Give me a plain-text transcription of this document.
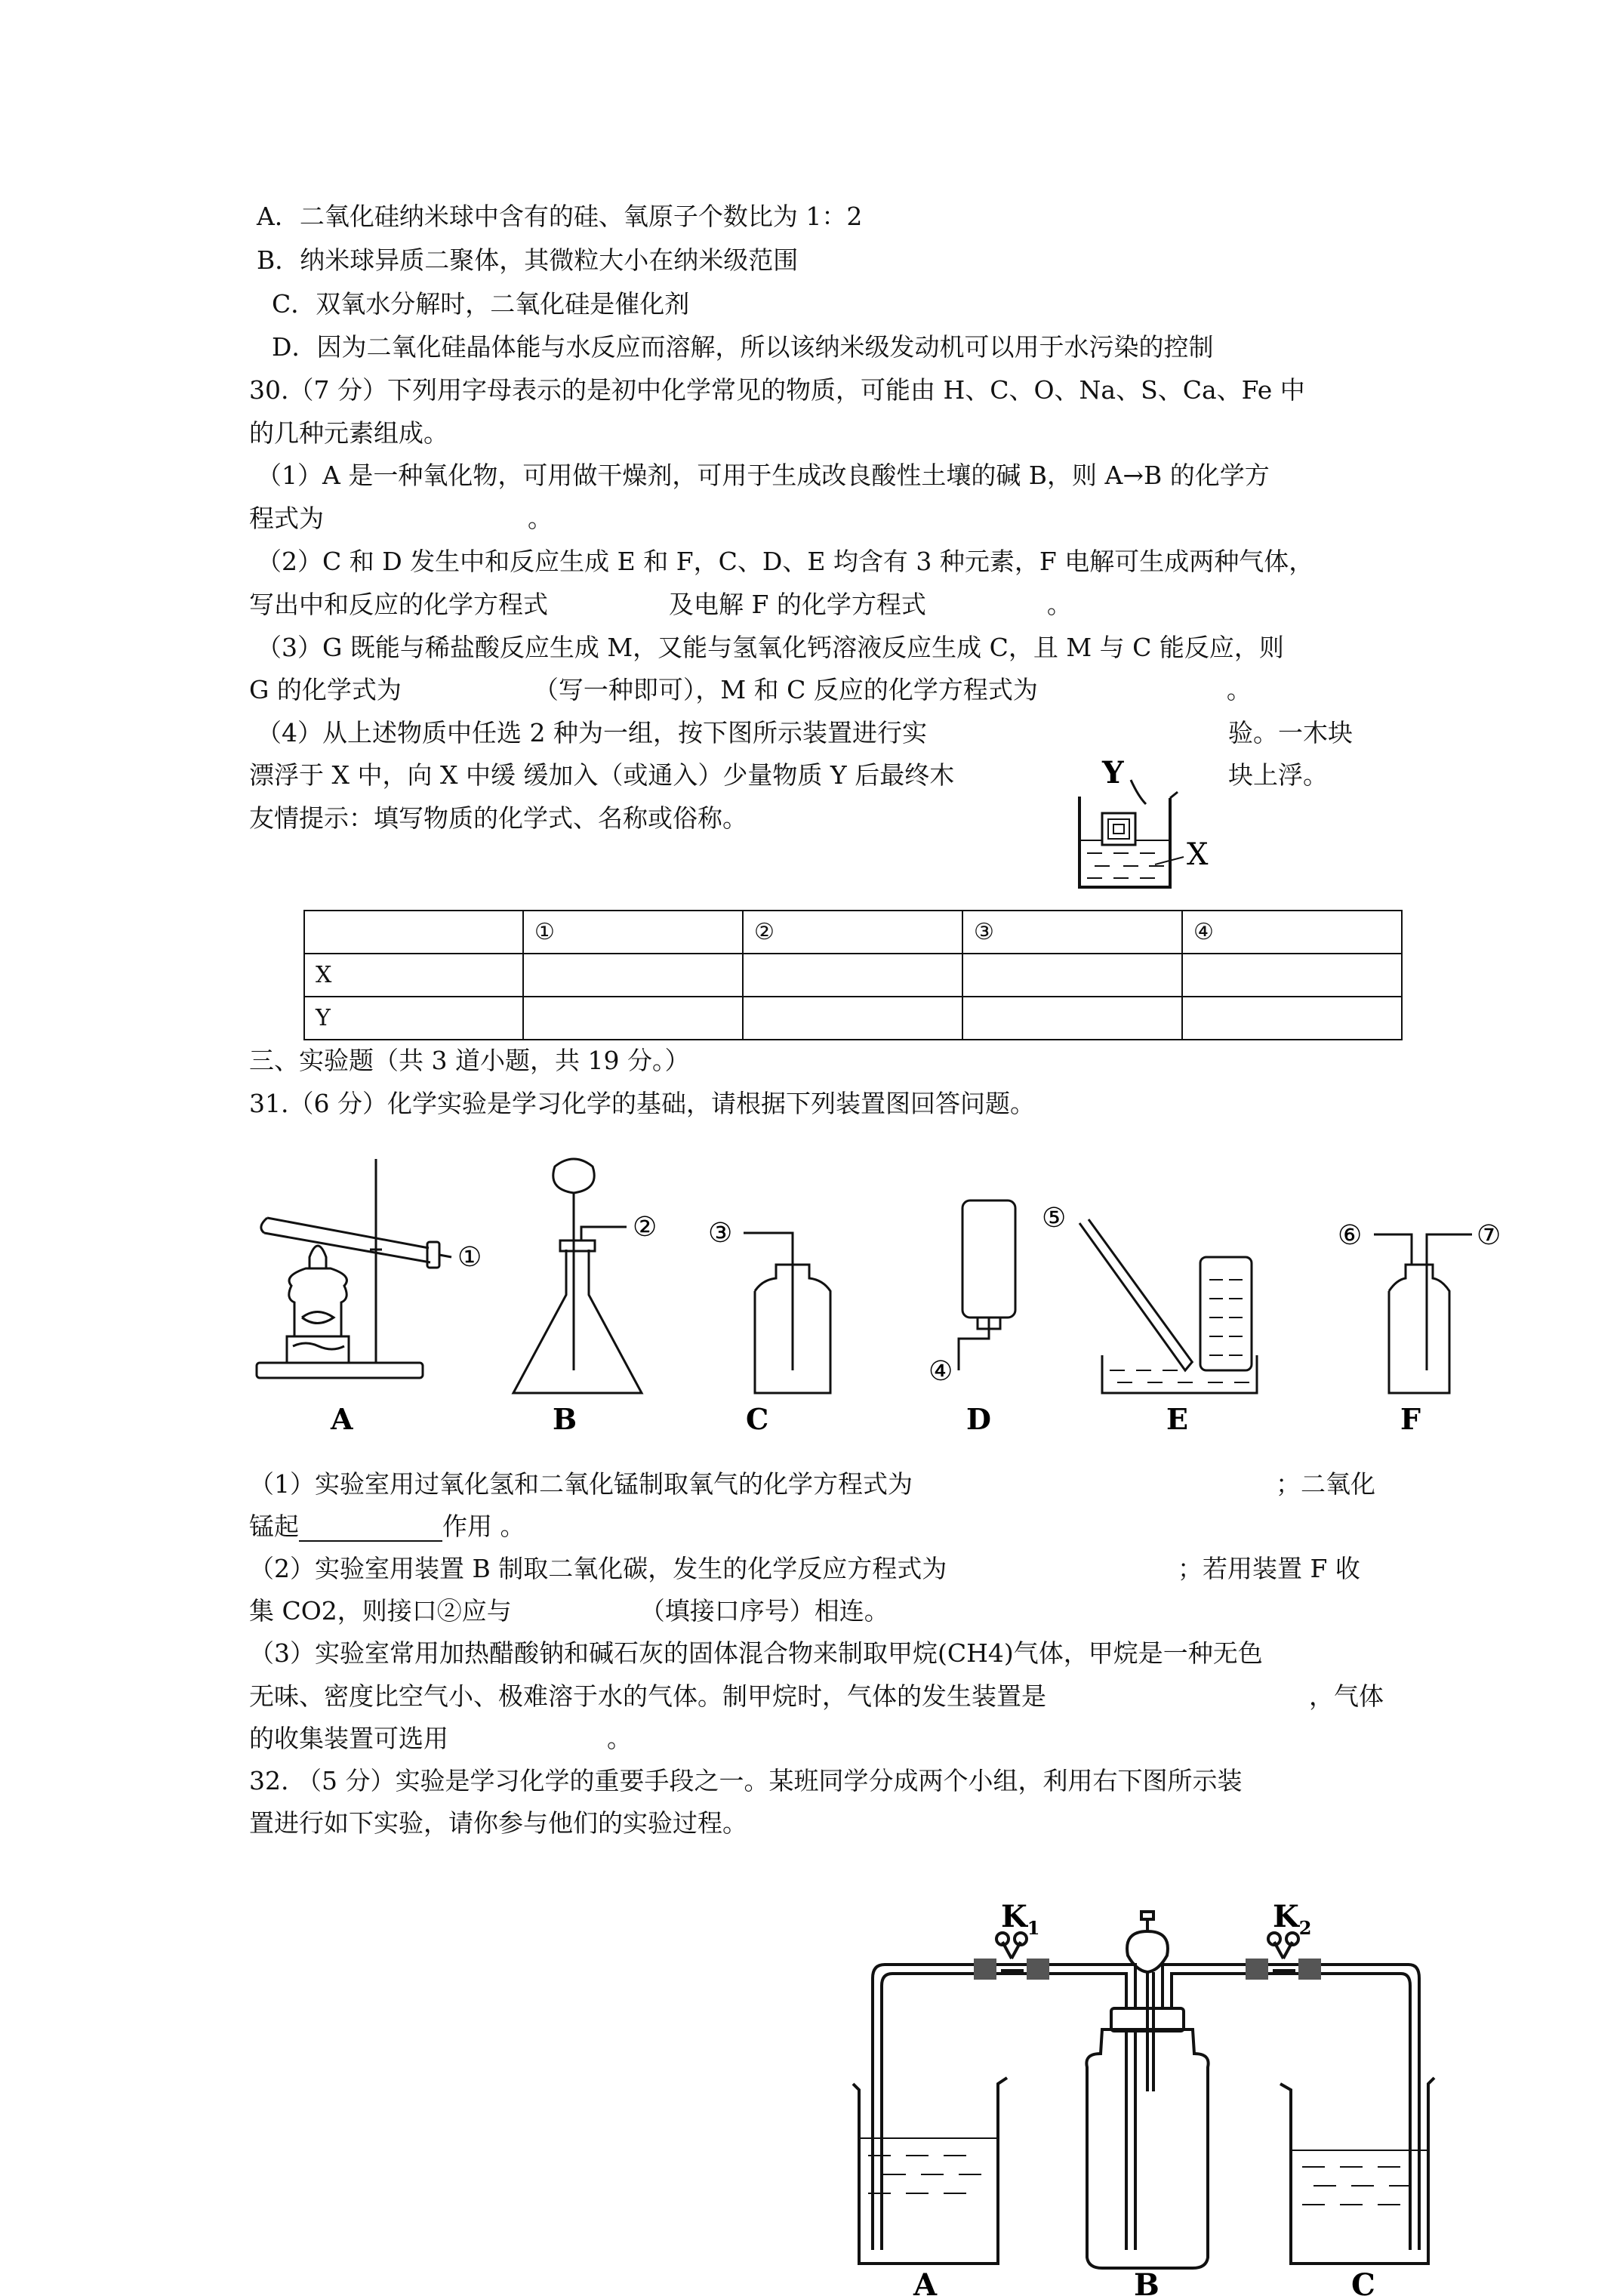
A．二氧化硅纳米球中含有的硅、氧原子个数比为 1：2
B．纳米球异质二聚体，其微粒大小在纳米级范围
C．双氧水分解时，二氧化硅是催化剂
D．因为二氧化硅晶体能与水反应而溶解，所以该纳米级发动机可以用于水污染的控制
30.（7 分）下列用字母表示的是初中化学常见的物质，可能由 H、C、O、Na、S、Ca、Fe 中
的几种元素组成。
（1）A 是一种氧化物，可用做干燥剂，可用于生成改良酸性土壤的碱 B，则 A→B 的化学方
程式为	。
（2）C 和 D 发生中和反应生成 E 和 F，C、D、E 均含有 3 种元素，F 电解可生成两种气体，
写出中和反应的化学方程式	及电解 F 的化学方程式	。
（3）G 既能与稀盐酸反应生成 M，又能与氢氧化钙溶液反应生成 C，且 M 与 C 能反应，则
G 的化学式为	（写一种即可），M 和 C 反应的化学方程式为	。
（4）从上述物质中任选 2 种为一组，按下图所示装置进行实	验。一木块
漂浮于 X 中，向 X 中缓 缓加入（或通入）少量物质 Y 后最终木	块上浮。
友情提示：填写物质的化学式、名称或俗称。
Y
X
	①	②	③	④
X				
Y				
三、实验题（共 3 道小题，共 19 分。）
31.（6 分）化学实验是学习化学的基础，请根据下列装置图回答问题。
①
② ③
④
⑤
⑥	⑦
A	B	C	D	E	F
（1）实验室用过氧化氢和二氧化锰制取氧气的化学方程式为	；二氧化
锰起	作用 。
（2）实验室用装置 B 制取二氧化碳，发生的化学反应方程式为	；若用装置 F 收
集 CO2，则接口②应与	（填接口序号）相连。
（3）实验室常用加热醋酸钠和碱石灰的固体混合物来制取甲烷(CH4)气体，甲烷是一种无色
无味、密度比空气小、极难溶于水的气体。制甲烷时，气体的发生装置是	，气体
的收集装置可选用	。
32. （5 分）实验是学习化学的重要手段之一。某班同学分成两个小组，利用右下图所示装
置进行如下实验，请你参与他们的实验过程。
$K_1$	$K_2$
A	B	C
